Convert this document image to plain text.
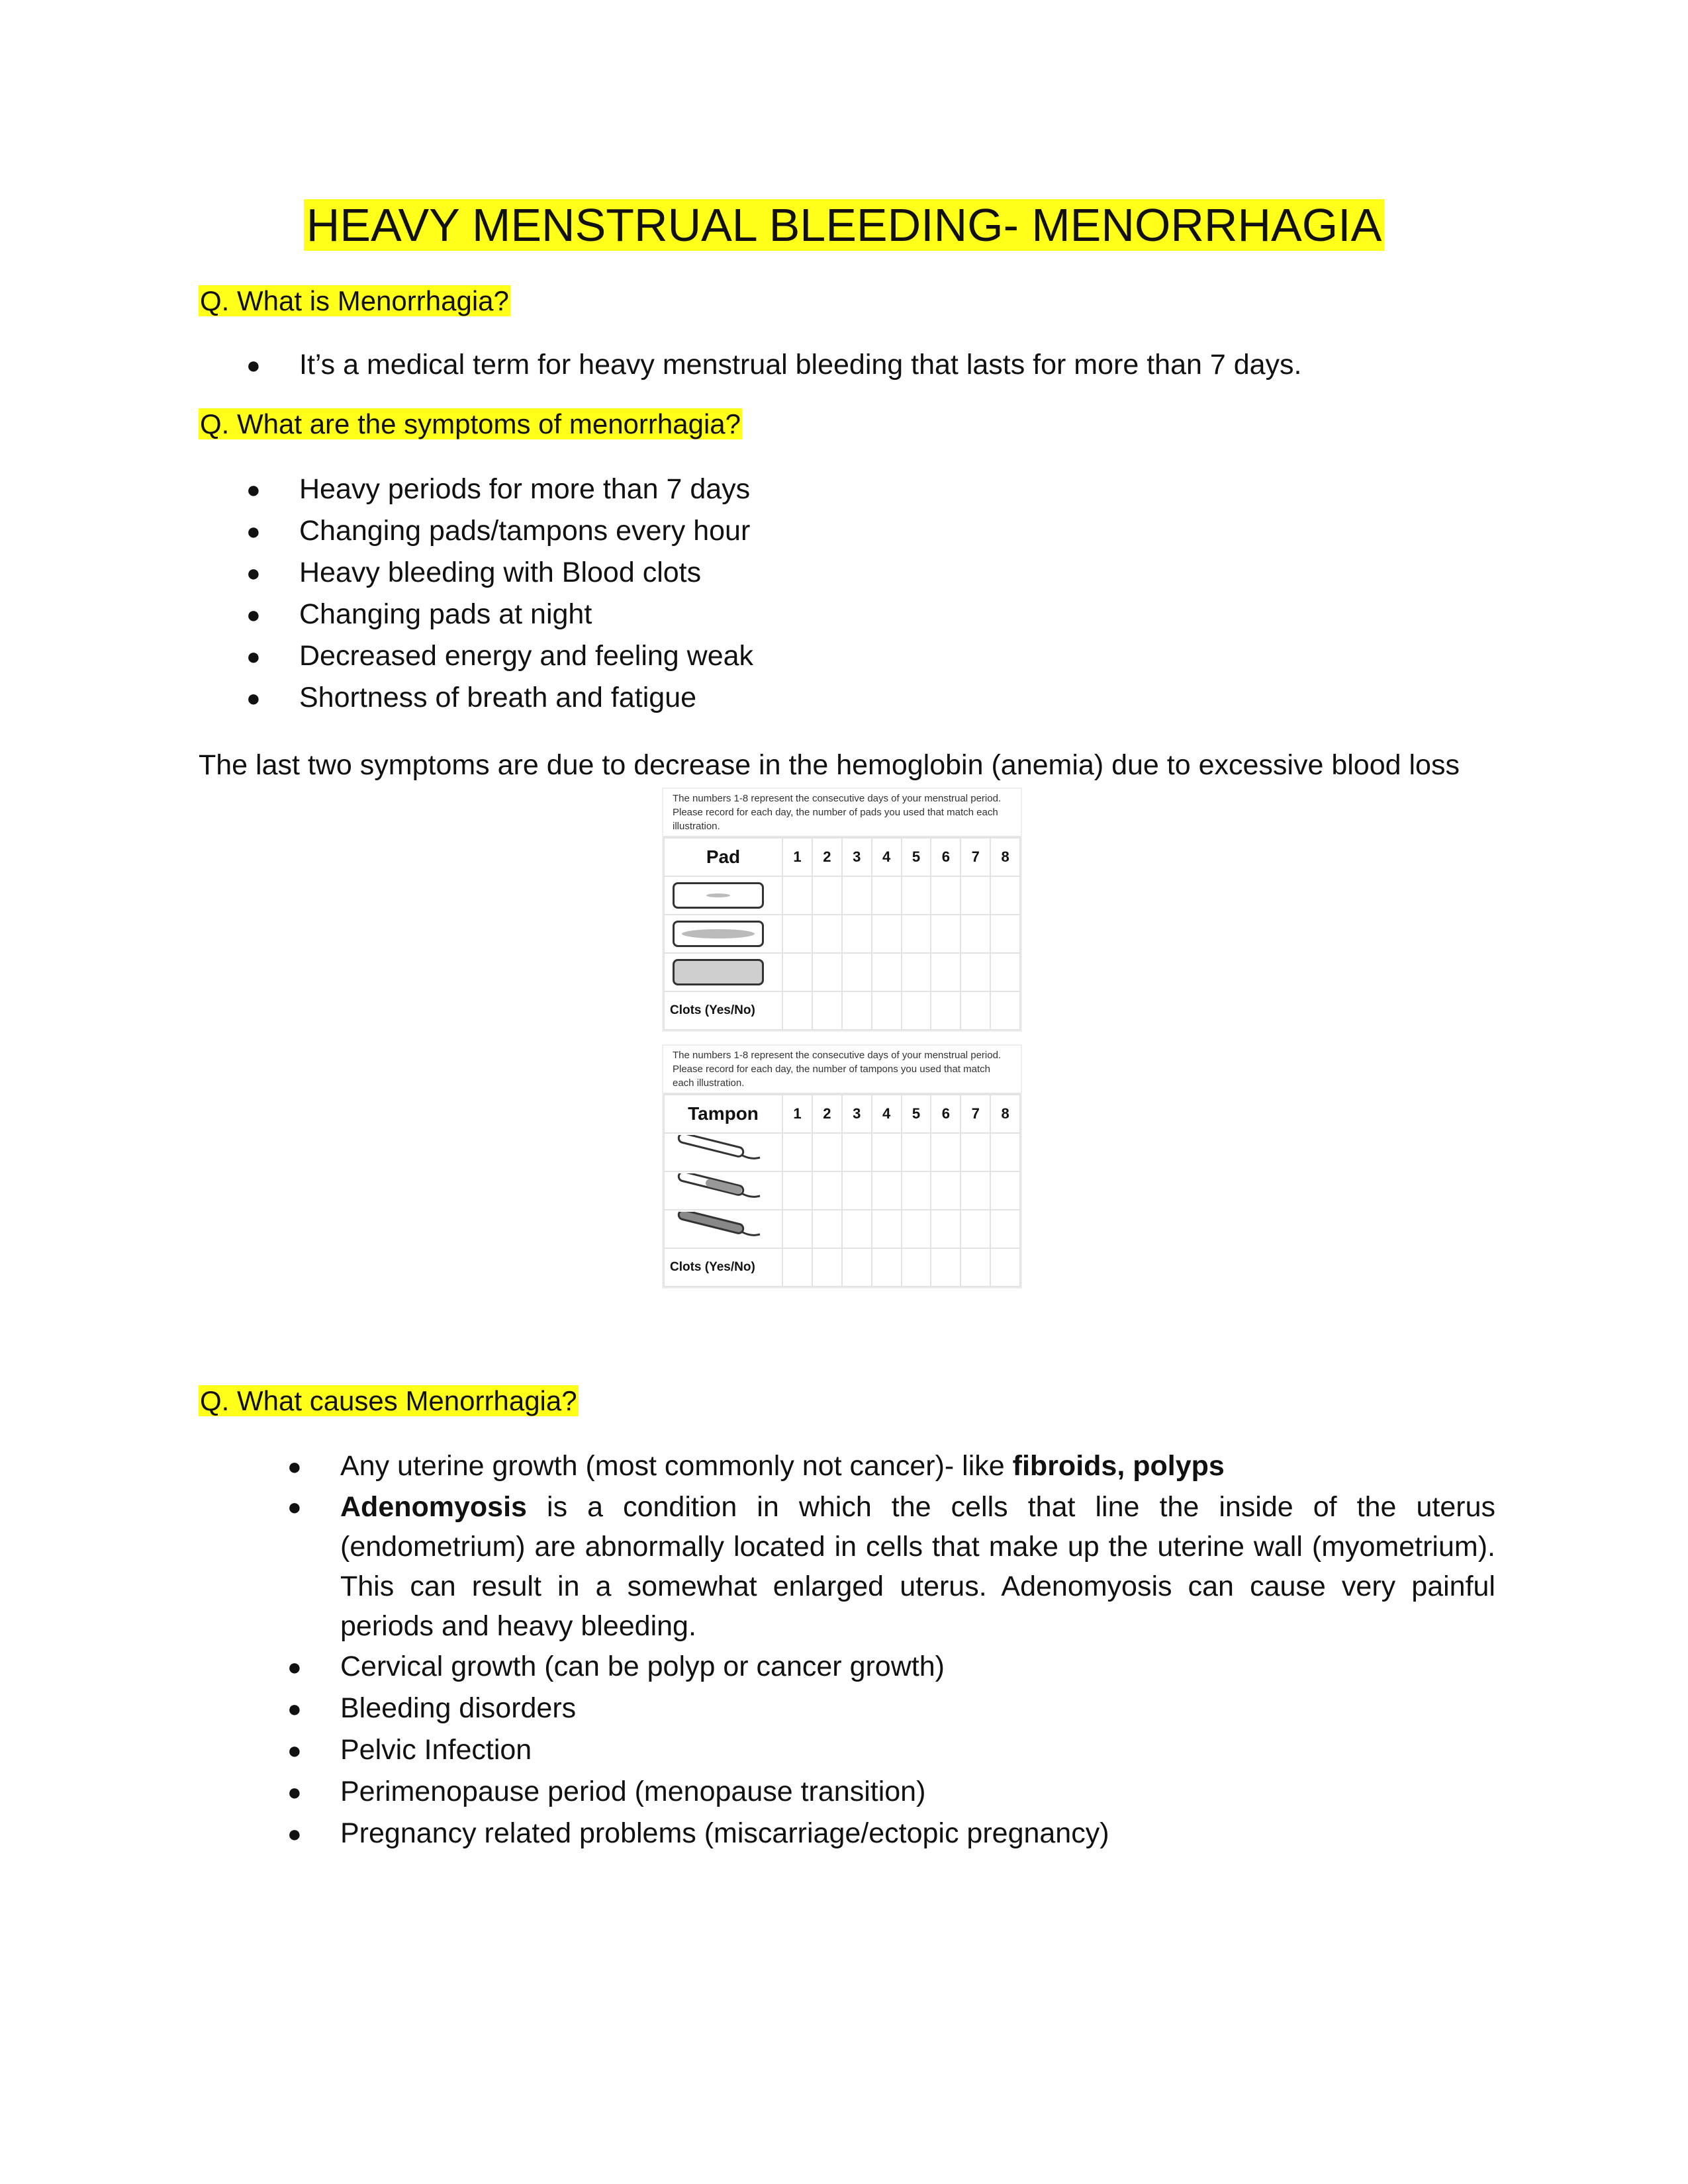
HEAVY MENSTRUAL BLEEDING- MENORRHAGIA
Q. What is Menorrhagia?
● It’s a medical term for heavy menstrual bleeding that lasts for more than 7 days.
Q. What are the symptoms of menorrhagia?
● Heavy periods for more than 7 days
● Changing pads/tampons every hour
● Heavy bleeding with Blood clots
● Changing pads at night
● Decreased energy and feeling weak
● Shortness of breath and fatigue
The last two symptoms are due to decrease in the hemoglobin (anemia) due to excessive blood loss
The numbers 1-8 represent the consecutive days of your menstrual period. Please record for each day, the number of pads you used that match each illustration.
Pad	1	2	3	4	5	6	7	8

Clots (Yes/No)								
The numbers 1-8 represent the consecutive days of your menstrual period. Please record for each day, the number of tampons you used that match each illustration.
Tampon	1	2	3	4	5	6	7	8

Clots (Yes/No)								
Q. What causes Menorrhagia?
● Any uterine growth (most commonly not cancer)- like fibroids, polyps
● Adenomyosis is a condition in which the cells that line the inside of the uterus (endometrium) are abnormally located in cells that make up the uterine wall (myometrium). This can result in a somewhat enlarged uterus. Adenomyosis can cause very painful periods and heavy bleeding.
● Cervical growth (can be polyp or cancer growth)
● Bleeding disorders
● Pelvic Infection
● Perimenopause period (menopause transition)
● Pregnancy related problems (miscarriage/ectopic pregnancy)
